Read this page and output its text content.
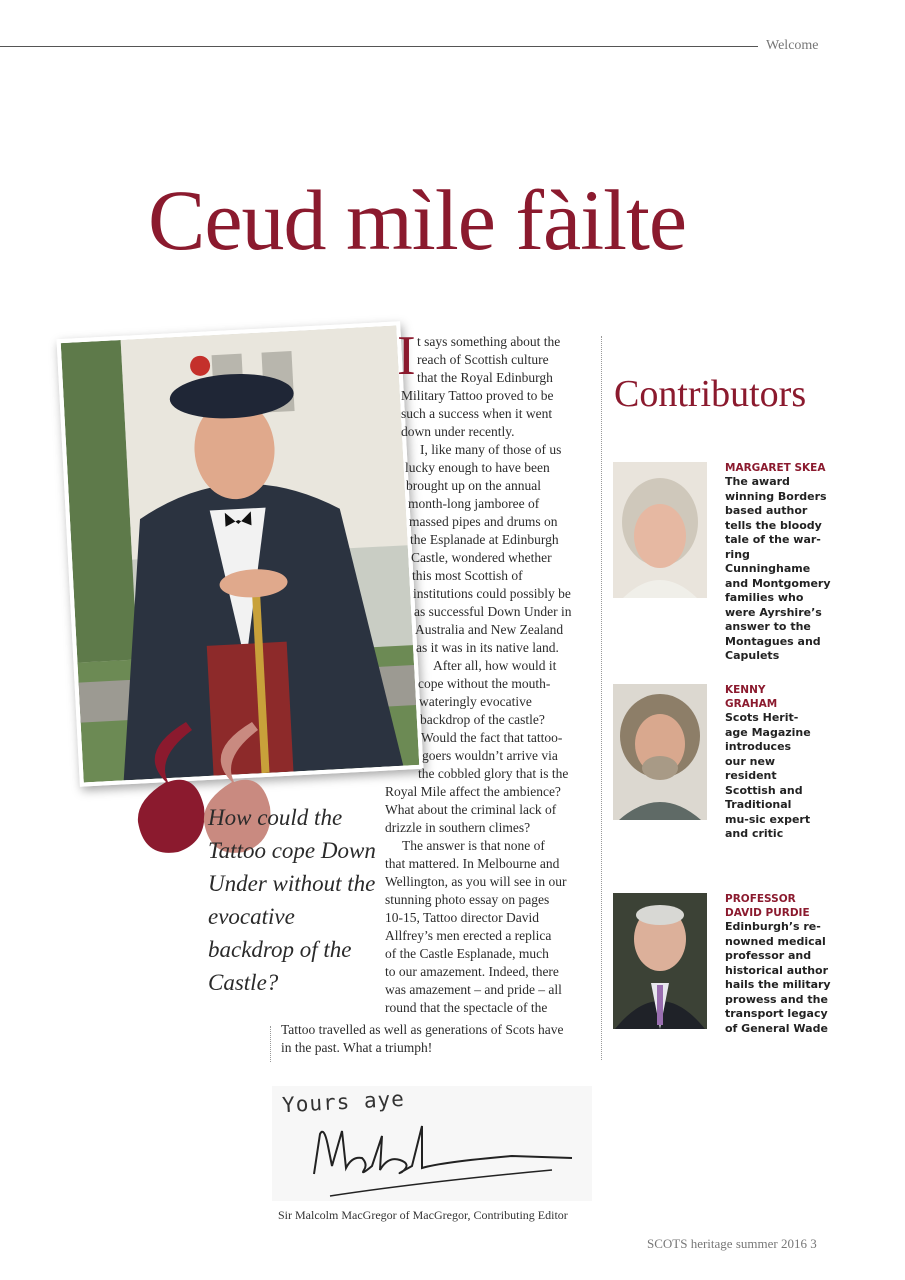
Welcome
Ceud mìle fàilte

How could the Tattoo cope Down Under without the evocative backdrop of the Castle?

I t says something about the
reach of Scottish culture
that the Royal Edinburgh
Military Tattoo proved to be
such a success when it went
down under recently.
I, like many of those of us
lucky enough to have been
brought up on the annual
month-long jamboree of
massed pipes and drums on
the Esplanade at Edinburgh
Castle, wondered whether
this most Scottish of
institutions could possibly be
as successful Down Under in
Australia and New Zealand
as it was in its native land.
After all, how would it
cope without the mouth-
wateringly evocative
backdrop of the castle?
Would the fact that tattoo-
goers wouldn’t arrive via
the cobbled glory that is the
Royal Mile affect the ambience?
What about the criminal lack of
drizzle in southern climes?
The answer is that none of
that mattered. In Melbourne and
Wellington, as you will see in our
stunning photo essay on pages
10-15, Tattoo director David
Allfrey’s men erected a replica
of the Castle Esplanade, much
to our amazement. Indeed, there
was amazement – and pride – all
round that the spectacle of the
Tattoo travelled as well as generations of Scots have
in the past. What a triumph!
Yours aye
Sir Malcolm MacGregor of MacGregor, Contributing Editor
Contributors
MARGARET SKEA
The award winning Borders based author tells the bloody tale of the war-ring Cunninghame and Montgomery families who were Ayrshire’s answer to the Montagues and Capulets
KENNY GRAHAM
Scots Herit-age Magazine introduces our new resident Scottish and Traditional mu-sic expert and critic
PROFESSOR DAVID PURDIE
Edinburgh’s re-nowned medical professor and historical author hails the military prowess and the transport legacy of General Wade
SCOTS heritage summer 2016 3
